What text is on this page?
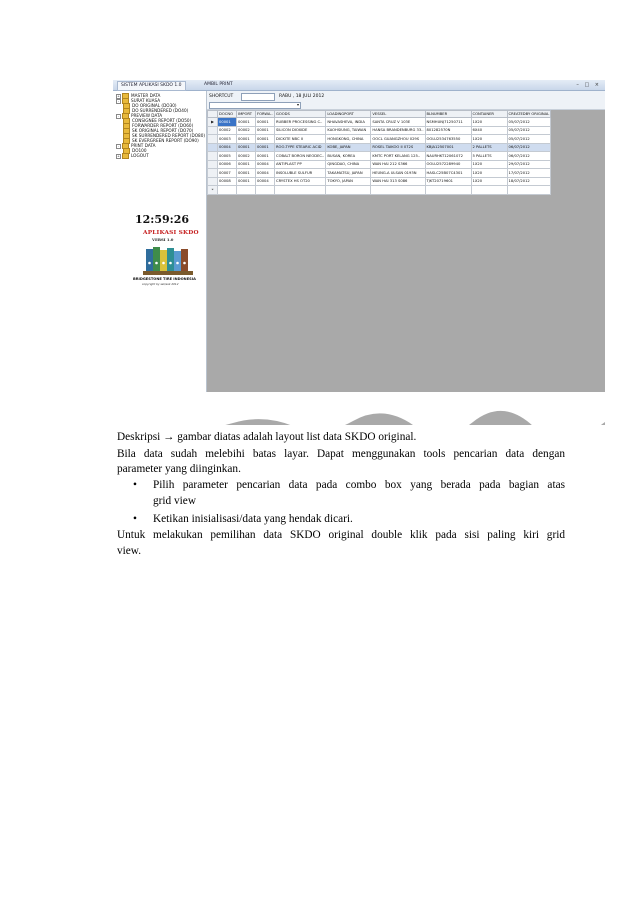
SISTEM APLIKASI SKDO 1.0	AMBIL PRINT	– □ ×
+	MASTER DATA
-	SURAT KUASA
DO ORIGINAL (DO30)
DO SURRENDERED (DO40)
-	PREVIEW DATA
CONSIGNEE REPORT (DO50)
FORWARDER REPORT (DO60)
SK ORIGINAL REPORT (DO70)
SK SURRENDERED REPORT (DO80)
SK EVERGREEN REPORT (DO90)
-	PRINT DATA
DO100
+	LOGOUT
12:59:26
APLIKASI SKDO
VERSI 1.0
BRIDGESTONE TIRE INDONESIA
copyright by ssk/ssk 2012
SHORTCUT	RABU , 18 JULI 2012
▾
	DOCNO	IMPORT	FORWA..	GOODS	LOADINGPORT	VESSEL	BLNUMBER	CONTAINER	CREATEDBY ORIGINAL
▶	00001	00001	00001	RUBBER PROCESSING C..	NHAVASHEVA, INDIA	SANTA CRUZ V 103E	NSMHUNJ71250711	1X20	05/07/2012
	00002	00002	00001	SILICON DIOXIDE	KAOHSIUNG, TAIWAN	HANSA BRANDENBURG 33..	801282570N	6X40	05/07/2012
	00003	00001	00001	DICKITE NBC II	HONGKONG, CHINA	OOCL GUANGZHOU 029S	OOLU2534763550	1X20	05/07/2012
	00004	00001	00001	ROO-TYPE STEARIC ACID	KOBE, JAPAN	ROSEL TAIKOO II 072S	KBJA12507001	2 PALLETS	06/07/2012
	00005	00002	00001	COBALT BORON NEODEC..	BUSAN, KOREA	KMTC PORT KELANG 125..	NAURHKT12061072	5 PALLETS	06/07/2012
	00006	00001	00004	ANTIPLAST PP	QINGDAO, CHINA	WAN HAI 212 S366	OOLU2572289940	1X20	29/07/2012
	00007	00001	00004	INSOLUBLE SULFUR	TAKAMATSU, JAPAN	HEUNG-A ULSAN 0193N	HASLC25B07C4301	1X20	17/07/2012
	00008	00001	00004	CRYSTEX HS OT20	TOKYO, JAPAN	WAN HAI 313 S086	TJKT20719601	1X20	18/07/2012
*									
Deskripsi → gambar diatas adalah layout list data SKDO original.
Bila data sudah melebihi batas layar. Dapat menggunakan tools pencarian data dengan
parameter yang diinginkan.
• Pilih parameter pencarian data pada combo box yang berada pada bagian atas
grid view
• Ketikan inisialisasi/data yang hendak dicari.
Untuk melakukan pemilihan data SKDO original double klik pada sisi paling kiri grid
view.
